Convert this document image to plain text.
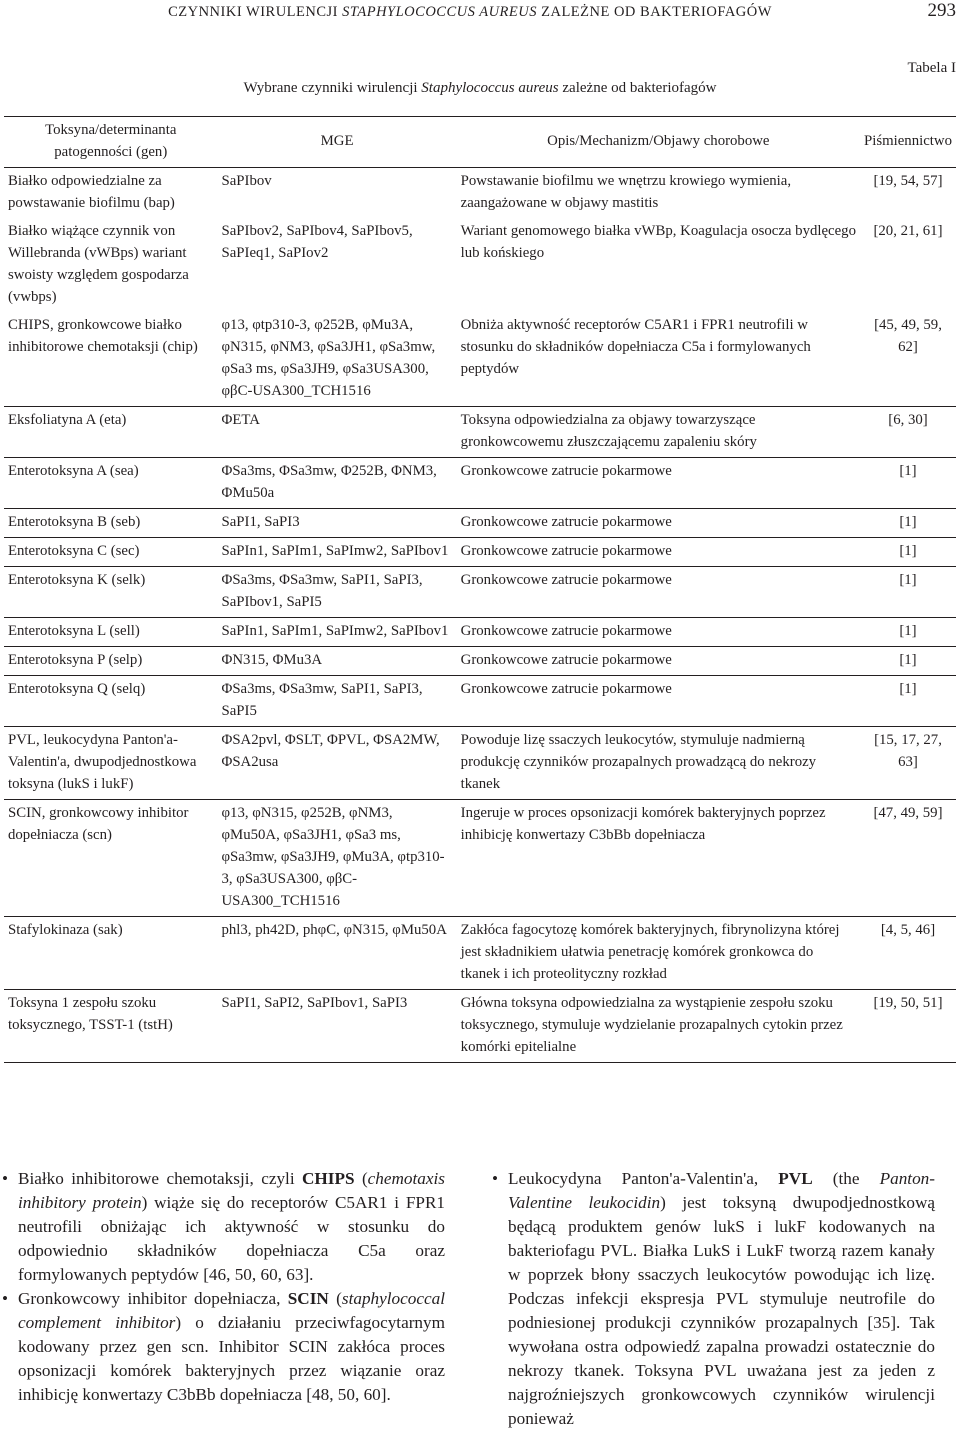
CZYNNIKI WIRULENCJI STAPHYLOCOCCUS AUREUS ZALEŻNE OD BAKTERIOFAGÓW	293
Tabela I
Wybrane czynniki wirulencji Staphylococcus aureus zależne od bakteriofagów
Toksyna/determinanta patogenności (gen)	MGE	Opis/Mechanizm/Objawy chorobowe	Piśmiennictwo
Białko odpowiedzialne za powstawanie biofilmu (bap)	SaPIbov	Powstawanie biofilmu we wnętrzu krowiego wymienia, zaangażowane w objawy mastitis	[19, 54, 57]
Białko wiążące czynnik von Willebranda (vWBps) wariant swoisty względem gospodarza (vwbps)	SaPIbov2, SaPIbov4, SaPIbov5, SaPIeq1, SaPIov2	Wariant genomowego białka vWBp, Koagulacja osocza bydlęcego lub końskiego	[20, 21, 61]
CHIPS, gronkowcowe białko inhibitorowe chemotaksji (chip)	φ13, φtp310-3, φ252B, φMu3A, φN315, φNM3, φSa3JH1, φSa3mw, φSa3 ms, φSa3JH9, φSa3USA300, φβC-USA300_TCH1516	Obniża aktywność receptorów C5AR1 i FPR1 neutrofili w stosunku do składników dopełniacza C5a i formylowanych peptydów	[45, 49, 59, 62]
Eksfoliatyna A (eta)	ΦETA	Toksyna odpowiedzialna za objawy towarzyszące gronkowcowemu złuszczającemu zapaleniu skóry	[6, 30]
Enterotoksyna A (sea)	ΦSa3ms, ΦSa3mw, Φ252B, ΦNM3, ΦMu50a	Gronkowcowe zatrucie pokarmowe	[1]
Enterotoksyna B (seb)	SaPI1, SaPI3	Gronkowcowe zatrucie pokarmowe	[1]
Enterotoksyna C (sec)	SaPIn1, SaPIm1, SaPImw2, SaPIbov1	Gronkowcowe zatrucie pokarmowe	[1]
Enterotoksyna K (selk)	ΦSa3ms, ΦSa3mw, SaPI1, SaPI3, SaPIbov1, SaPI5	Gronkowcowe zatrucie pokarmowe	[1]
Enterotoksyna L (sell)	SaPIn1, SaPIm1, SaPImw2, SaPIbov1	Gronkowcowe zatrucie pokarmowe	[1]
Enterotoksyna P (selp)	ΦN315, ΦMu3A	Gronkowcowe zatrucie pokarmowe	[1]
Enterotoksyna Q (selq)	ΦSa3ms, ΦSa3mw, SaPI1, SaPI3, SaPI5	Gronkowcowe zatrucie pokarmowe	[1]
PVL, leukocydyna Panton'a-Valentin'a, dwupodjednostkowa toksyna (lukS i lukF)	ΦSA2pvl, ΦSLT, ΦPVL, ΦSA2MW, ΦSA2usa	Powoduje lizę ssaczych leukocytów, stymuluje nadmierną produkcję czynników prozapalnych prowadzącą do nekrozy tkanek	[15, 17, 27, 63]
SCIN, gronkowcowy inhibitor dopełniacza (scn)	φ13, φN315, φ252B, φNM3, φMu50A, φSa3JH1, φSa3 ms, φSa3mw, φSa3JH9, φMu3A, φtp310-3, φSa3USA300, φβC-USA300_TCH1516	Ingeruje w proces opsonizacji komórek bakteryjnych poprzez inhibicję konwertazy C3bBb dopełniacza	[47, 49, 59]
Stafylokinaza (sak)	phl3, ph42D, phφC, φN315, φMu50A	Zakłóca fagocytozę komórek bakteryjnych, fibrynolizyna której jest składnikiem ułatwia penetrację komórek gronkowca do tkanek i ich proteolityczny rozkład	[4, 5, 46]
Toksyna 1 zespołu szoku toksycznego, TSST-1 (tstH)	SaPI1, SaPI2, SaPIbov1, SaPI3	Główna toksyna odpowiedzialna za wystąpienie zespołu szoku toksycznego, stymuluje wydzielanie prozapalnych cytokin przez komórki epitelialne	[19, 50, 51]
• Białko inhibitorowe chemotaksji, czyli CHIPS (chemotaxis inhibitory protein) wiąże się do receptorów C5AR1 i FPR1 neutrofili obniżając ich aktywność w stosunku do odpowiednio składników dopełniacza C5a oraz formylowanych peptydów [46, 50, 60, 63].
• Gronkowcowy inhibitor dopełniacza, SCIN (staphylococcal complement inhibitor) o działaniu przeciwfagocytarnym kodowany przez gen scn. Inhibitor SCIN zakłóca proces opsonizacji komórek bakteryjnych przez wiązanie oraz inhibicję konwertazy C3bBb dopełniacza [48, 50, 60].
• Leukocydyna Panton'a-Valentin'a, PVL (the Panton-Valentine leukocidin) jest toksyną dwupodjednostkową będącą produktem genów lukS i lukF kodowanych na bakteriofagu PVL. Białka LukS i LukF tworzą razem kanały w poprzek błony ssaczych leukocytów powodując ich lizę. Podczas infekcji ekspresja PVL stymuluje neutrofile do podniesionej produkcji czynników prozapalnych [35]. Tak wywołana ostra odpowiedź zapalna prowadzi ostatecznie do nekrozy tkanek. Toksyna PVL uważana jest za jeden z najgroźniejszych gronkowcowych czynników wirulencji ponieważ
